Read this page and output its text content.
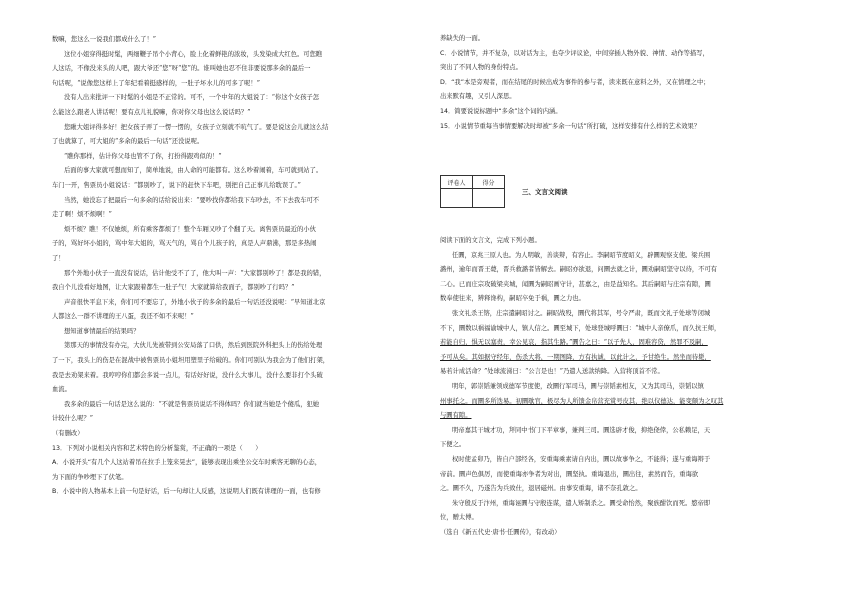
数嘛，您这么一说我们都成什么了！”

这位小姐穿得挺时髦，两细鞭子吊个小背心，脸上化着鲜艳的浓妆，头发染成大红色。可您瞧

人这话，不像没来头的人吧，跟大爷还“您”呀“您”的。谁叫她也忍不住非要说那多余的最后一

句话呢，“说像您这样上了年纪看着挺感样的，一肚子坏水儿的可多了呢！”

没有人出来批评一下时髦的小姐是不正常的。可不，一个中年的大姐说了：“你这个女孩子怎

么能这么跟老人讲话呢！要有点儿礼貌嘛，你对你父母也这么说话吗？”

您瞅大姐评得多好！把女孩子弄了一愣一愣的，女孩子立刻就不吭气了。要是说这会儿就这么结

了也就算了，可大姐的“多余的最后一句话”还没说呢。

“瞧你那样，估计你父母也管不了你，打扮得跟鸡似的！”

后面的事大家就可想而知了，简单地说，由人命的可能都有。这么吵着闹着，车可就到站了。

车门一开，售票员小姐说话：“都别吵了，说下的赶快下车吧，别把自己正事儿给耽误了。”

当然，她没忘了把最后一句多余的话给说出来：“要吵找你都给我下车吵去，不下去我车可不

走了啊！烦不烦啊！”

烦不烦？瞧！不仅她烦，所有乘客都烦了！整个车厢又吵了个翻了天。离售票员最近的小伙

子的，骂好坏小姐的，骂中年大姐的，骂天气的，骂自个儿孩子的，真是人声鼎沸，那是多热闹

了！

那个外地小伙子一直没有说话，估计他受不了了，他大叫一声：“大家都别吵了！都是我的错，

我自个儿没看好地图，让大家跟着都生一肚子气！大家就算给我面子，都别吵了行吗？”

声音很快平息下来，你们可不要忘了，外地小伙子的多余的最后一句话还没说呢：“早知道北京

人都这么一群不讲理的王八蛋，我还不如不来呢！”

想知道事情最后的结果吗？

第那天的事情没有办完，大伙儿先被带到公安局落了口供，然后到医院外科把头上的伤给处理

了一下，我头上的伤是在混战中被售票员小姐坦用塑里子给破的。你们可别认为我会为了他们打架，

我是去劝架来着。我哼哼你们都会多说一点儿，有话好好说，没什么大事儿，没什么要非打个头破

血流。

我多余的最后一句话是这么说的：“不就是售票员说话不得体吗？你们就当她是个傻瓜，犯她

计较什么呢？”

（有删改）

13．下列对小说相关内容和艺术特色的分析鉴赏，不正确的一项是（　　）

A．小说开头“有几个人这站着吊在拉手上笼来晃去”，能够表现出乘坐公交车时乘客无聊的心态，

为下面的争吵埋下了伏笔。

B．小说中的人物基本上前一句是好话，后一句却让人反感，这说明人们既有讲理的一面，也有修

养缺失的一面。

C．小说情节，并不复杂，以对话为主，也夺少评议论，中间穿插人物外貌、神情、动作等描写，

突出了不同人物的身份特点。

D．“我”本是旁观者，而在结尾的时候出成为事件的参与者，读来既在意料之外，又在情理之中；

出来默有趣，又引人深思。

14．简要说说标题中“多余”这个词的内涵。

15．小说情节重每当事情要解决时却被“多余一句话”所打破，这样安排有什么样的艺术效果？

评卷人	得分

三、文言文阅读

阅读下面的文言文，完成下列小题。

任圜，京兆三原人也。为人明敏，善谈辩，有容止。李嗣昭节度昭义，辟圜观察支使。梁兵围

潞州，逾年而晋王薨，晋兵救潞者皆解去。嗣昭亦欲退，问圜去就之计，圜劝嗣昭坚守以待，不可有

二心。已而庄宗攻破梁夹城，闻圜为嗣昭画守计，甚嘉之，由是益知名。其后嗣昭与庄宗有隙，圜

数奉使往来，辨释谗构，嗣昭卒免于祸，圜之力也。

张文礼杀王镕，庄宗遣嗣昭讨之。嗣昭战殁，圜代将其军，号令严肃，既而文礼子处球等闭城

不下，圜数以祸福谕城中人，镇人信之。圜至城下，处球登城呼圜曰：“城中人亲僚爪，而久抗王师，

若能自归，惧无以塞责，幸公见哀，指其生路。”圜告之曰：“以子先人，固难容贷，然罪不及嗣，

予可从矣。其如据守经年，伤杀大将，一期图降，方有执诚，以此计之，予甘绝生。然坐而待毙，

易若计成活命？”处球流涕曰：“公言是也！”乃遣人送款纳降。入营将顶首不常。

明年，郭崇韬兼领成德军节度使，改圜行军司马，圜与崇韬素相友，又为其司马，崇韬以镇

州事托之。而圜多所迭易。初圜歇官，极尽为人所馈金帛营充赏号皮其，绝以仪德达，能变颇为之叹其

与圜有隙。

明帝嘉其干城才功，拜同中书门下平章事，兼判三司。圜选辟才俊，抑绝侥倖，公私赖足，天

下便之。

权时使孟卯乃，皆自户部经各，安重诲乘素请自内出，圜以故事争之，不能得；遂与重诲辩于

帝前。圜声色俱厉，而使重诲亦争者为对出，圜坚执。重诲退出，圜出往，素然而告，重诲欲

之。圜不久，乃遂告为兵致仕，退居磁州。由事安重诲，诸不奈孔敦之。

朱守殷反于汴州，重诲诬圜与守殷连谋，遣人矫制杀之。圜受命怡然，聚族酣饮而死。愍帝即

位，赠太傅。

（选自《新五代史·唐书·任圜传》，有改动）
